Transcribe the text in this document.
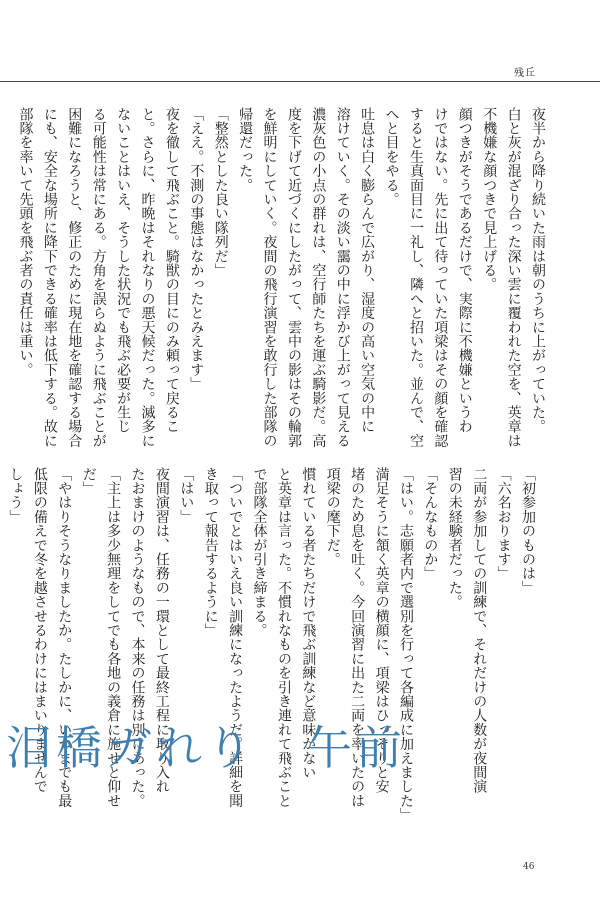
残丘

夜半から降り続いた雨は朝のうちに上がっていた。

白と灰が混ざり合った深い雲に覆われた空を、英章は

不機嫌な顔つきで見上げる。

顔つきがそうであるだけで、実際に不機嫌というわ

けではない。先に出て待っていた項梁はその顔を確認

すると生真面目に一礼し、隣へと招いた。並んで、空

へと目をやる。

吐息は白く膨らんで広がり、湿度の高い空気の中に

溶けていく。その淡い靄の中に浮かび上がって見える

濃灰色の小点の群れは、空行師たちを運ぶ騎影だ。高

度を下げて近づくにしたがって、雲中の影はその輪郭

を鮮明にしていく。夜間の飛行演習を敢行した部隊の

帰還だった。

「整然とした良い隊列だ」

「ええ。不測の事態はなかったとみえます」

夜を徹して飛ぶこと。騎獣の目にのみ頼って戻るこ

と。さらに、昨晩はそれなりの悪天候だった。滅多に

ないことはいえ、そうした状況でも飛ぶ必要が生じ

る可能性は常にある。方角を誤らぬように飛ぶことが

困難になろうと、修正のために現在地を確認する場合

にも、安全な場所に降下できる確率は低下する。故に

部隊を率いて先頭を飛ぶ者の責任は重い。

「初参加のものは」

「六名おります」

二両が参加しての訓練で、それだけの人数が夜間演

習の未経験者だった。

「そんなものか」

「はい。志願者内で選別を行って各編成に加えました」

満足そうに頷く英章の横顔に、項梁はひっそりと安

堵のため息を吐く。今回演習に出た二両を率いたのは

項梁の麾下だ。

慣れている者たちだけで飛ぶ訓練など意味がない

と英章は言った。不慣れなものを引き連れて飛ぶこと

で部隊全体が引き締まる。

「ついでとはいえ良い訓練になったようだ。詳細を聞

き取って報告するように」

「はい」

夜間演習は、任務の一環として最終工程に取り入れ

たおまけのようなもので、本来の任務は別にあった。

「主上は多少無理をしてでも各地の義倉に施せと仰せ

だ」

「やはりそうなりましたか。たしかに、いつまでも最

低限の備えで冬を越させるわけにはまいりませんで

しょう」

泪橋ガれり　午前
46
